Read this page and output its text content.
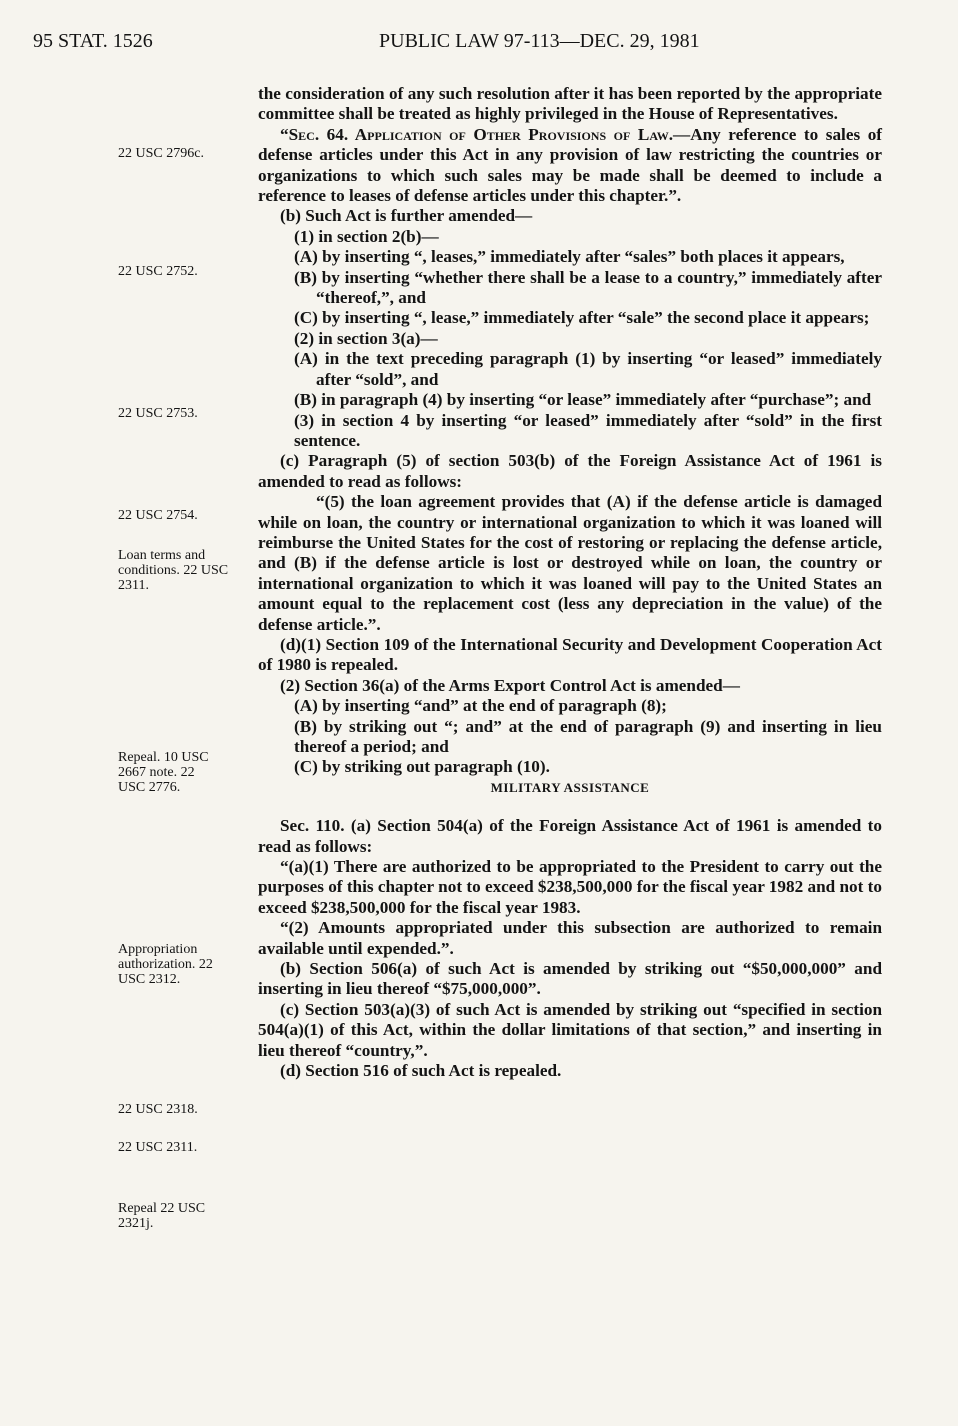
95 STAT. 1526	PUBLIC LAW 97-113—DEC. 29, 1981
22 USC 2796c.
22 USC 2752.
22 USC 2753.
22 USC 2754.
Loan terms and conditions. 22 USC 2311.
Repeal. 10 USC 2667 note. 22 USC 2776.
Appropriation authorization. 22 USC 2312.
22 USC 2318.
22 USC 2311.
Repeal 22 USC 2321j.

the consideration of any such resolution after it has been reported by the appropriate committee shall be treated as highly privileged in the House of Representatives.

“Sec. 64. Application of Other Provisions of Law.—Any reference to sales of defense articles under this Act in any provision of law restricting the countries or organizations to which such sales may be made shall be deemed to include a reference to leases of defense articles under this chapter.”.

(b) Such Act is further amended—

(1) in section 2(b)—

(A) by inserting “, leases,” immediately after “sales” both places it appears,

(B) by inserting “whether there shall be a lease to a country,” immediately after “thereof,”, and

(C) by inserting “, lease,” immediately after “sale” the second place it appears;

(2) in section 3(a)—

(A) in the text preceding paragraph (1) by inserting “or leased” immediately after “sold”, and

(B) in paragraph (4) by inserting “or lease” immediately after “purchase”; and

(3) in section 4 by inserting “or leased” immediately after “sold” in the first sentence.

(c) Paragraph (5) of section 503(b) of the Foreign Assistance Act of 1961 is amended to read as follows:

“(5) the loan agreement provides that (A) if the defense article is damaged while on loan, the country or international organization to which it was loaned will reimburse the United States for the cost of restoring or replacing the defense article, and (B) if the defense article is lost or destroyed while on loan, the country or international organization to which it was loaned will pay to the United States an amount equal to the replacement cost (less any depreciation in the value) of the defense article.”.

(d)(1) Section 109 of the International Security and Development Cooperation Act of 1980 is repealed.

(2) Section 36(a) of the Arms Export Control Act is amended—

(A) by inserting “and” at the end of paragraph (8);

(B) by striking out “; and” at the end of paragraph (9) and inserting in lieu thereof a period; and

(C) by striking out paragraph (10).

MILITARY ASSISTANCE

Sec. 110. (a) Section 504(a) of the Foreign Assistance Act of 1961 is amended to read as follows:

“(a)(1) There are authorized to be appropriated to the President to carry out the purposes of this chapter not to exceed $238,500,000 for the fiscal year 1982 and not to exceed $238,500,000 for the fiscal year 1983.

“(2) Amounts appropriated under this subsection are authorized to remain available until expended.”.

(b) Section 506(a) of such Act is amended by striking out “$50,000,000” and inserting in lieu thereof “$75,000,000”.

(c) Section 503(a)(3) of such Act is amended by striking out “specified in section 504(a)(1) of this Act, within the dollar limitations of that section,” and inserting in lieu thereof “country,”.

(d) Section 516 of such Act is repealed.
